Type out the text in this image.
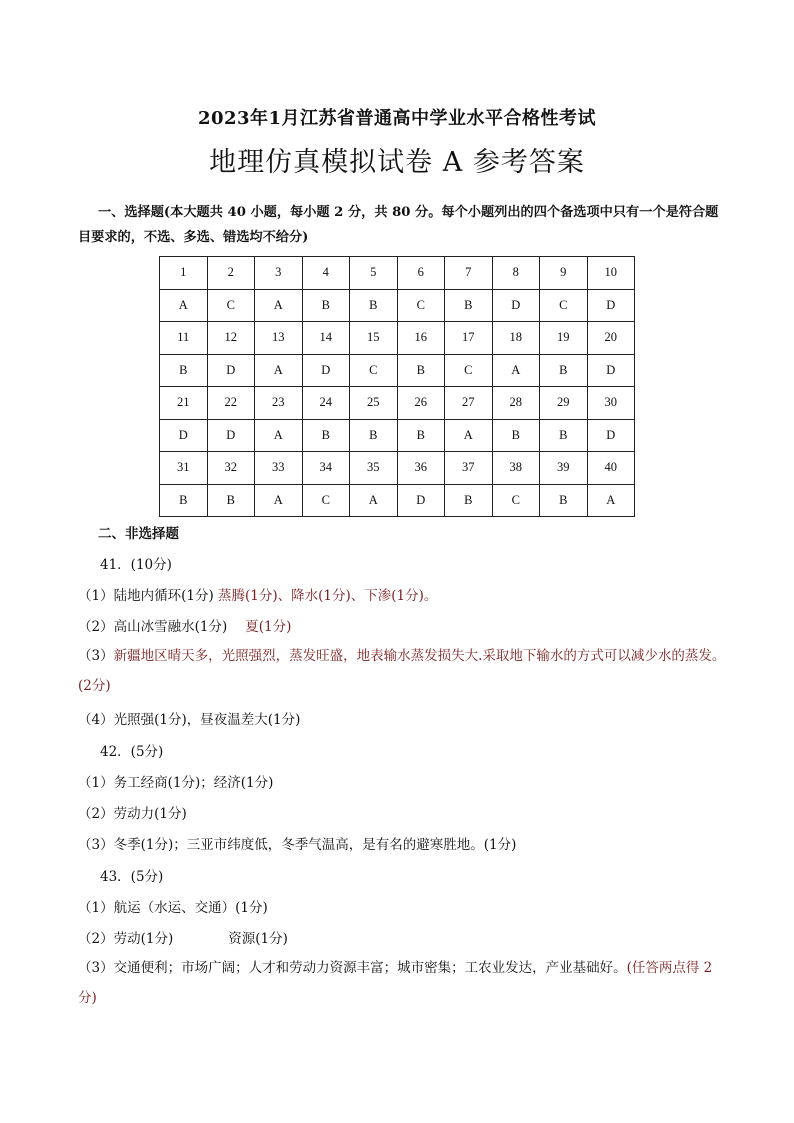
2023年1月江苏省普通高中学业水平合格性考试
地理仿真模拟试卷 A 参考答案
一、选择题(本大题共 40 小题，每小题 2 分，共 80 分。每个小题列出的四个备选项中只有一个是符合题目要求的，不选、多选、错选均不给分)
1	2	3	4	5	6	7	8	9	10
A	C	A	B	B	C	B	D	C	D
11	12	13	14	15	16	17	18	19	20
B	D	A	D	C	B	C	A	B	D
21	22	23	24	25	26	27	28	29	30
D	D	A	B	B	B	A	B	B	D
31	32	33	34	35	36	37	38	39	40
B	B	A	C	A	D	B	C	B	A
二、非选择题
41．(10分)
（1）陆地内循环(1分) 蒸腾(1分)、降水(1分)、下渗(1分)。
（2）高山冰雪融水(1分) 夏(1分)
（3）新疆地区晴天多，光照强烈，蒸发旺盛，地表输水蒸发损失大.采取地下输水的方式可以减少水的蒸发。(2分)
（4）光照强(1分)，昼夜温差大(1分)
42．(5分)
（1）务工经商(1分)；经济(1分)
（2）劳动力(1分)
（3）冬季(1分)；三亚市纬度低，冬季气温高，是有名的避寒胜地。(1分)
43．(5分)
（1）航运（水运、交通）(1分)
（2）劳动(1分)	资源(1分)
（3）交通便利；市场广阔；人才和劳动力资源丰富；城市密集；工农业发达，产业基础好。(任答两点得 2 分)
